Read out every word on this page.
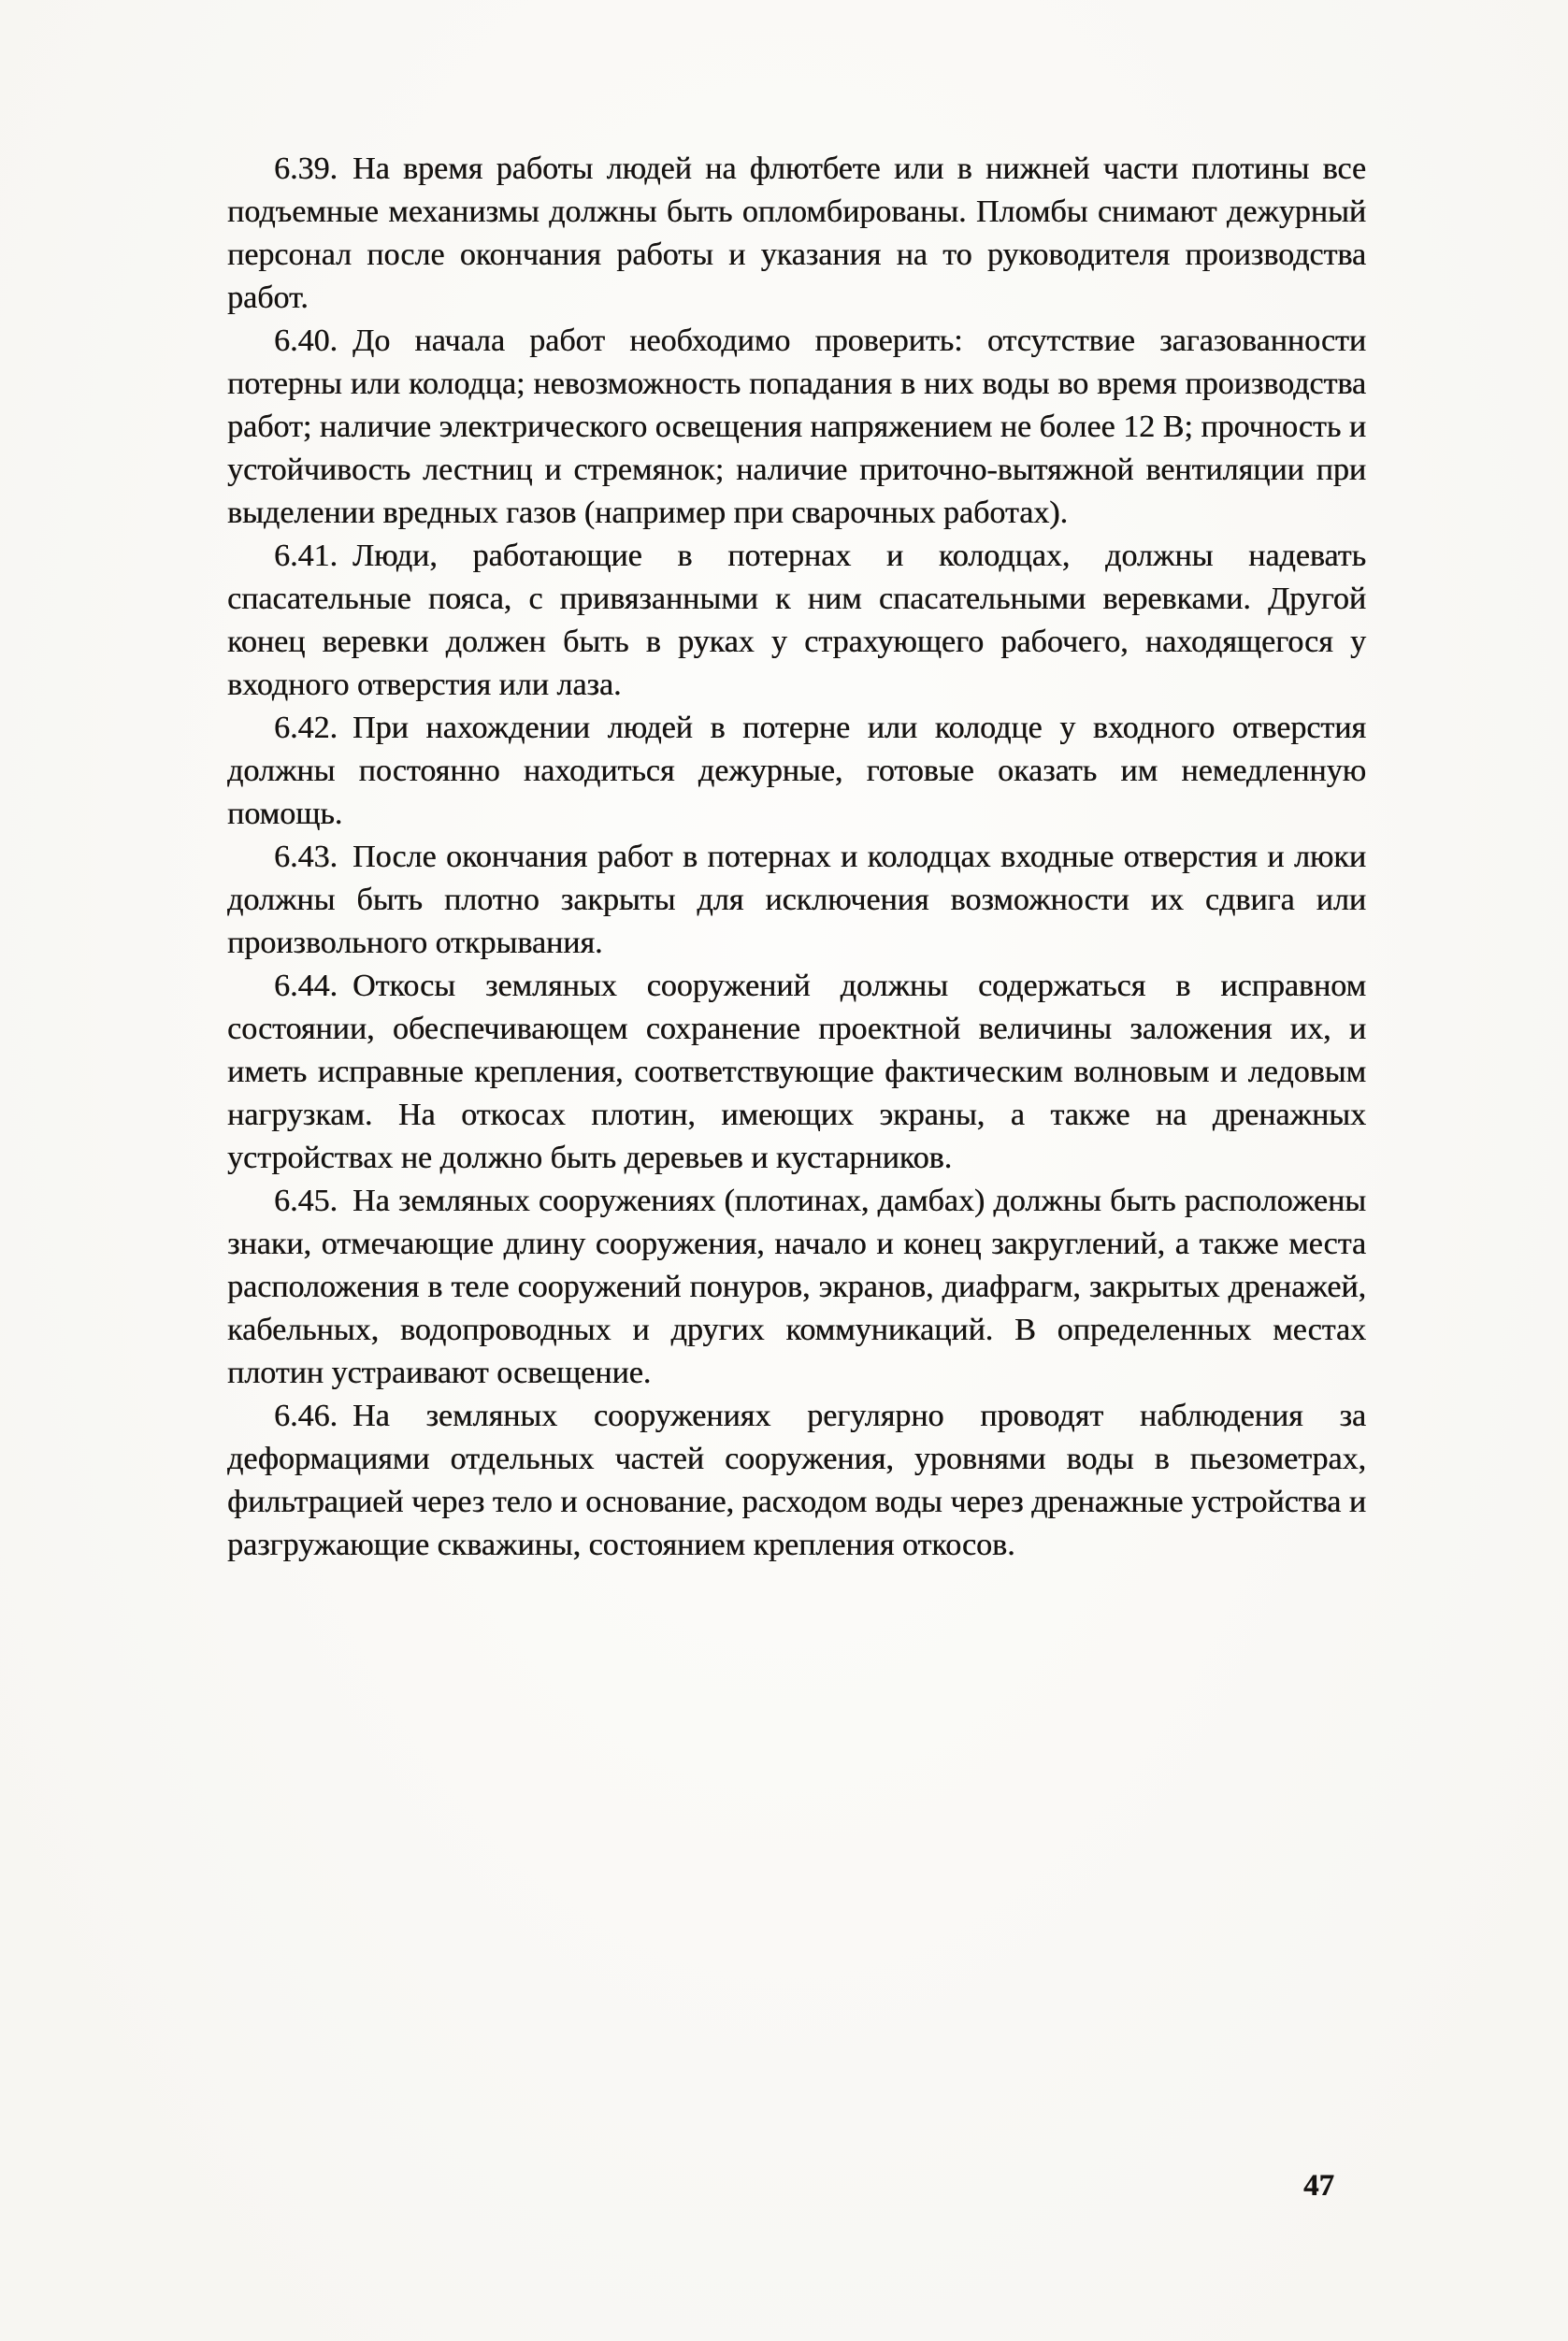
6.39. На время работы людей на флютбете или в нижней части плотины все подъемные механизмы должны быть опломбированы. Пломбы снимают дежурный персонал после окончания работы и указания на то руководителя производства работ.

6.40. До начала работ необходимо проверить: отсутствие загазованности потерны или колодца; невозможность попадания в них воды во время производства работ; наличие электрического освещения напряжением не более 12 В; прочность и устойчивость лестниц и стремянок; наличие приточно-вытяжной вентиляции при выделении вредных газов (например при сварочных работах).

6.41. Люди, работающие в потернах и колодцах, должны надевать спасательные пояса, с привязанными к ним спасательными веревками. Другой конец веревки должен быть в руках у страхующего рабочего, находящегося у входного отверстия или лаза.

6.42. При нахождении людей в потерне или колодце у входного отверстия должны постоянно находиться дежурные, готовые оказать им немедленную помощь.

6.43. После окончания работ в потернах и колодцах входные отверстия и люки должны быть плотно закрыты для исключения возможности их сдвига или произвольного открывания.

6.44. Откосы земляных сооружений должны содержаться в исправном состоянии, обеспечивающем сохранение проектной величины заложения их, и иметь исправные крепления, соответствующие фактическим волновым и ледовым нагрузкам. На откосах плотин, имеющих экраны, а также на дренажных устройствах не должно быть деревьев и кустарников.

6.45. На земляных сооружениях (плотинах, дамбах) должны быть расположены знаки, отмечающие длину сооружения, начало и конец закруглений, а также места расположения в теле сооружений понуров, экранов, диафрагм, закрытых дренажей, кабельных, водопроводных и других коммуникаций. В определенных местах плотин устраивают освещение.

6.46. На земляных сооружениях регулярно проводят наблюдения за деформациями отдельных частей сооружения, уровнями воды в пьезометрах, фильтрацией через тело и основание, расходом воды через дренажные устройства и разгружающие скважины, состоянием крепления откосов.

47
